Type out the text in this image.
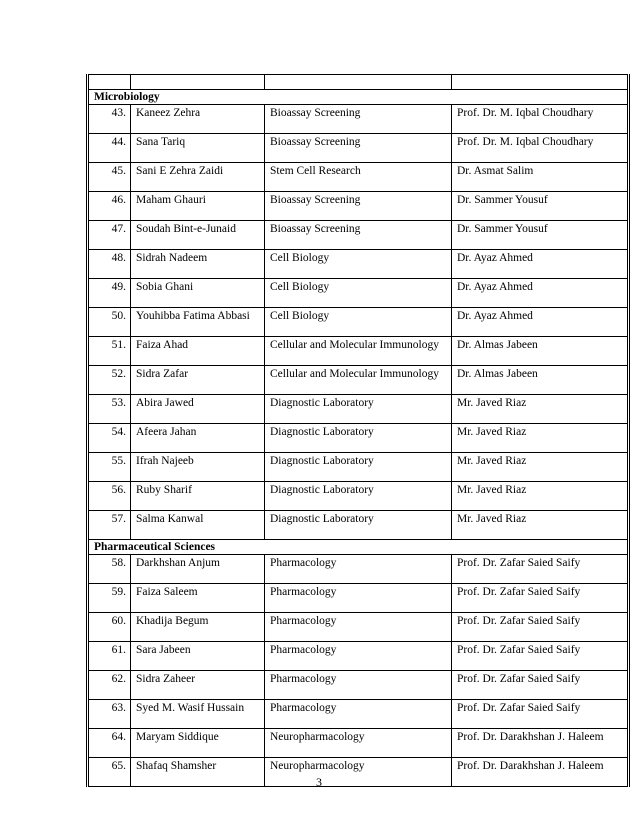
Microbiology			
43.	Kaneez Zehra	Bioassay Screening	Prof. Dr. M. Iqbal Choudhary
44.	Sana Tariq	Bioassay Screening	Prof. Dr. M. Iqbal Choudhary
45.	Sani E Zehra Zaidi	Stem Cell Research	Dr. Asmat Salim
46.	Maham Ghauri	Bioassay Screening	Dr. Sammer Yousuf
47.	Soudah Bint-e-Junaid	Bioassay Screening	Dr. Sammer Yousuf
48.	Sidrah Nadeem	Cell Biology	Dr. Ayaz Ahmed
49.	Sobia Ghani	Cell Biology	Dr. Ayaz Ahmed
50.	Youhibba Fatima Abbasi	Cell Biology	Dr. Ayaz Ahmed
51.	Faiza Ahad	Cellular and Molecular Immunology	Dr. Almas Jabeen
52.	Sidra Zafar	Cellular and Molecular Immunology	Dr. Almas Jabeen
53.	Abira Jawed	Diagnostic Laboratory	Mr. Javed Riaz
54.	Afeera Jahan	Diagnostic Laboratory	Mr. Javed Riaz
55.	Ifrah Najeeb	Diagnostic Laboratory	Mr. Javed Riaz
56.	Ruby Sharif	Diagnostic Laboratory	Mr. Javed Riaz
57.	Salma Kanwal	Diagnostic Laboratory	Mr. Javed Riaz
Pharmaceutical Sciences			
58.	Darkhshan Anjum	Pharmacology	Prof. Dr. Zafar Saied Saify
59.	Faiza Saleem	Pharmacology	Prof. Dr. Zafar Saied Saify
60.	Khadija Begum	Pharmacology	Prof. Dr. Zafar Saied Saify
61.	Sara Jabeen	Pharmacology	Prof. Dr. Zafar Saied Saify
62.	Sidra Zaheer	Pharmacology	Prof. Dr. Zafar Saied Saify
63.	Syed M. Wasif Hussain	Pharmacology	Prof. Dr. Zafar Saied Saify
64.	Maryam Siddique	Neuropharmacology	Prof. Dr. Darakhshan J. Haleem
65.	Shafaq Shamsher	Neuropharmacology	Prof. Dr. Darakhshan J. Haleem
3
